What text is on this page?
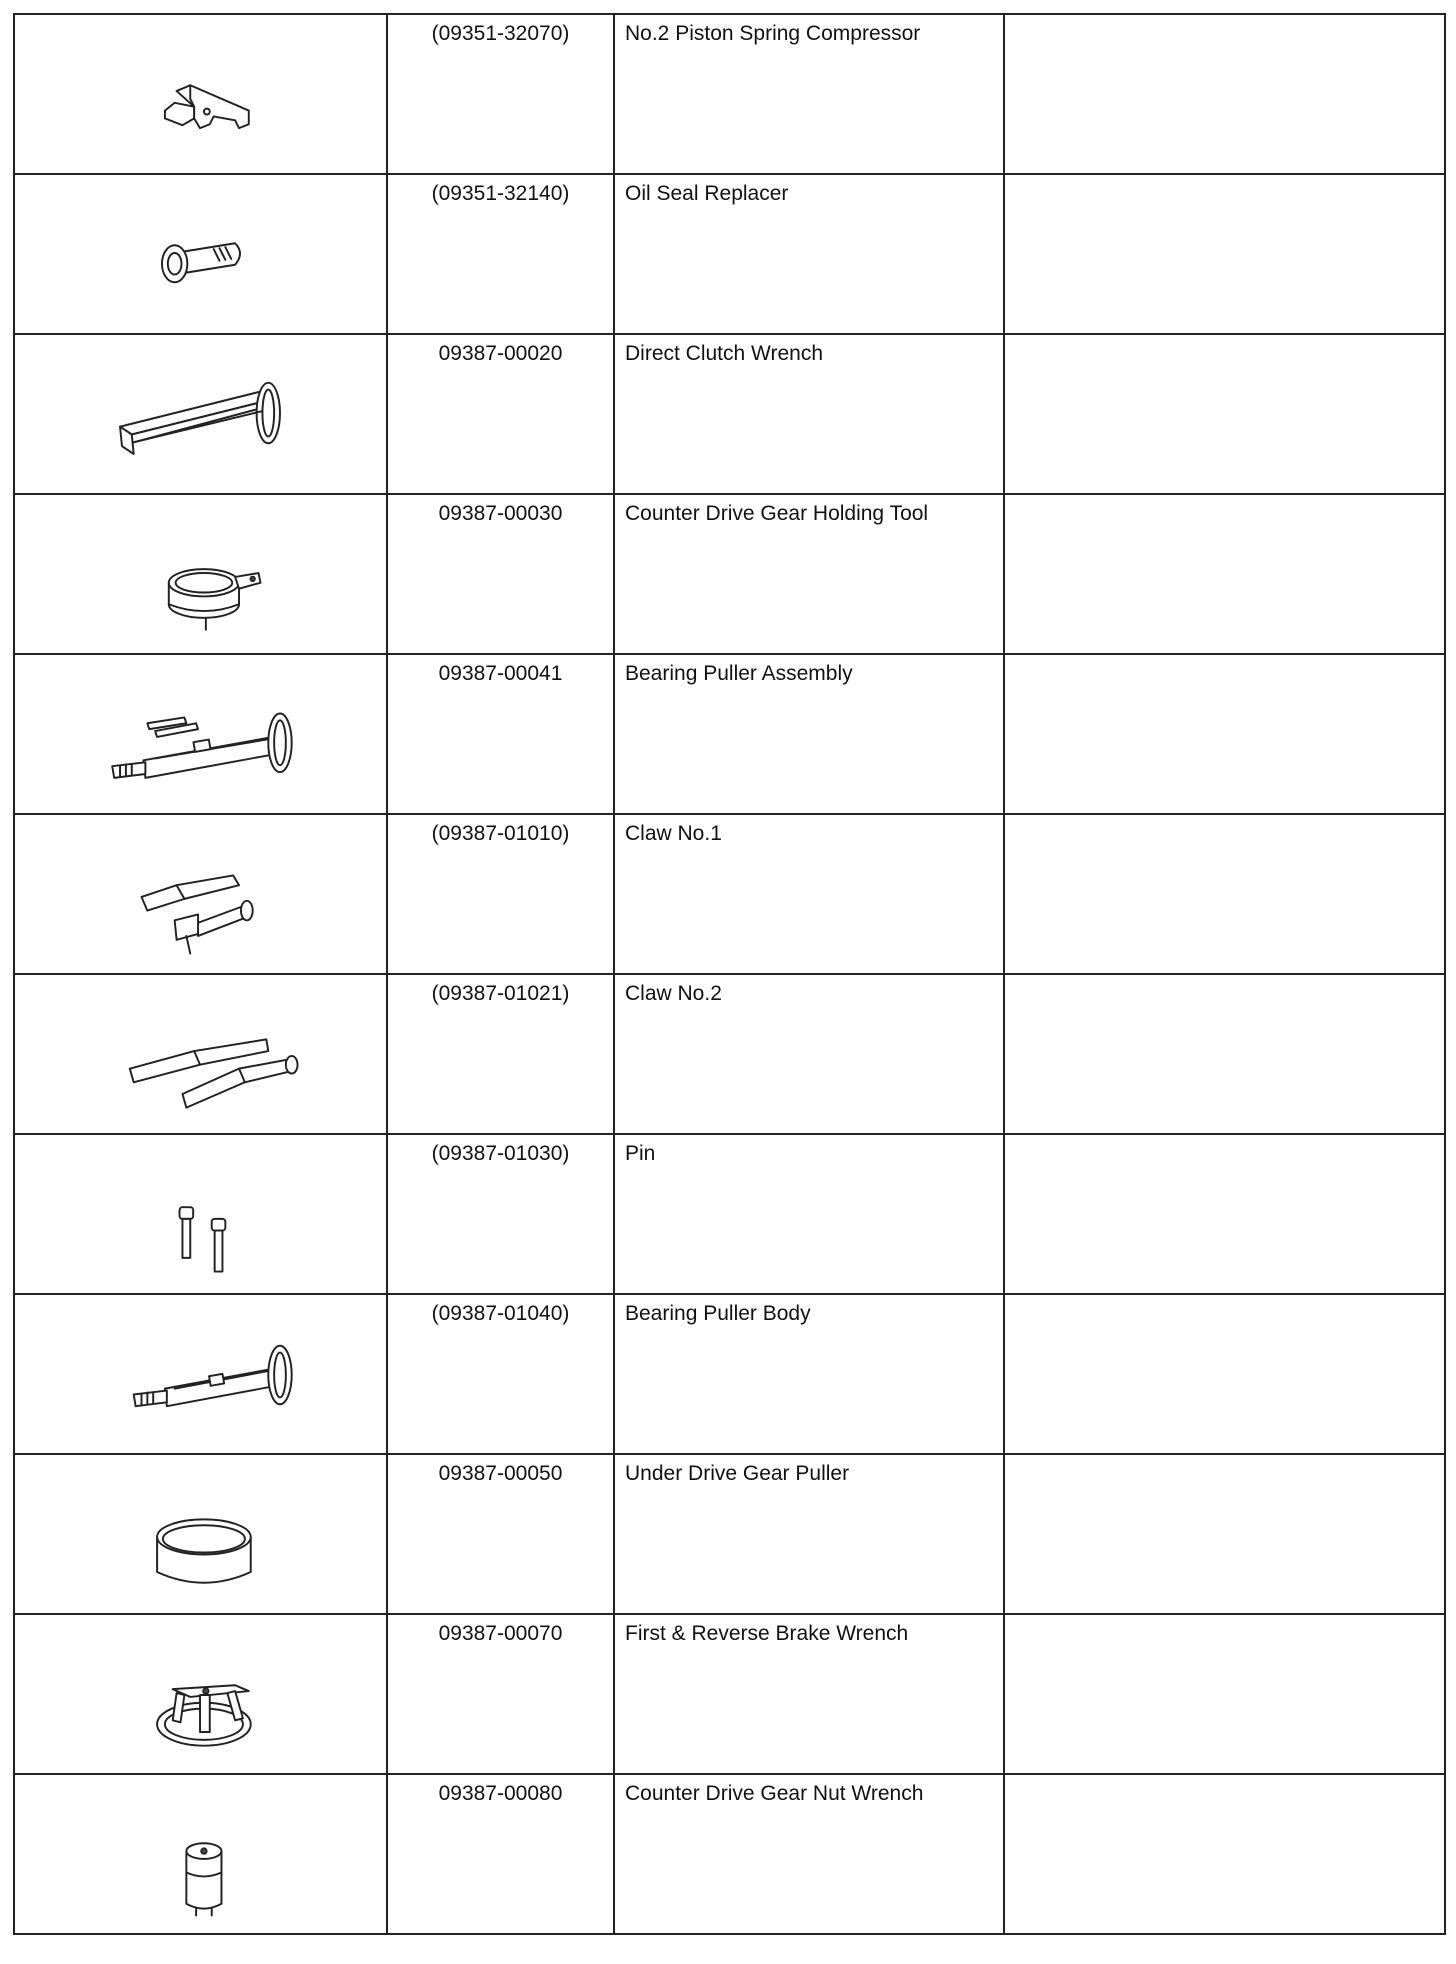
(09351-32070)	No.2 Piston Spring Compressor	

(09351-32140)	Oil Seal Replacer	

09387-00020	Direct Clutch Wrench	

09387-00030	Counter Drive Gear Holding Tool	

09387-00041	Bearing Puller Assembly	

(09387-01010)	Claw No.1	

(09387-01021)	Claw No.2	

(09387-01030)	Pin	

(09387-01040)	Bearing Puller Body	

09387-00050	Under Drive Gear Puller	

09387-00070	First & Reverse Brake Wrench	

09387-00080	Counter Drive Gear Nut Wrench	
